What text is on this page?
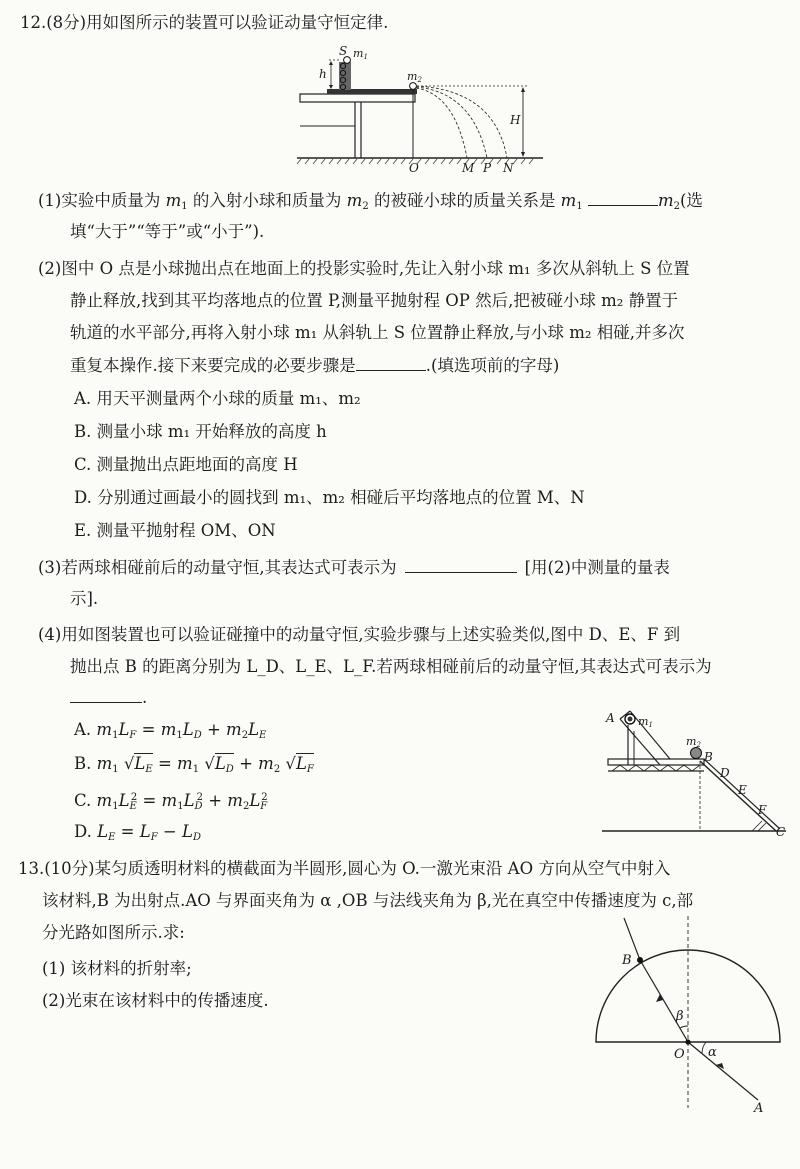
12.(8分)用如图所示的装置可以验证动量守恒定律.
S
h
m1
m2
H
O	M P N
(1)实验中质量为 $m_1$ 的入射小球和质量为 $m_2$ 的被碰小球的质量关系是 $m_1$	$m_2$(选
填“大于”“等于”或“小于”).
(2)图中 O 点是小球抛出点在地面上的投影实验时,先让入射小球 m₁ 多次从斜轨上 S 位置
静止释放,找到其平均落地点的位置 P,测量平抛射程 OP 然后,把被碰小球 m₂ 静置于
轨道的水平部分,再将入射小球 m₁ 从斜轨上 S 位置静止释放,与小球 m₂ 相碰,并多次
重复本操作.接下来要完成的必要步骤是	.(填选项前的字母)
A. 用天平测量两个小球的质量 m₁、m₂
B. 测量小球 m₁ 开始释放的高度 h
C. 测量抛出点距地面的高度 H
D. 分别通过画最小的圆找到 m₁、m₂ 相碰后平均落地点的位置 M、N
E. 测量平抛射程 OM、ON
(3)若两球相碰前后的动量守恒,其表达式可表示为	[用(2)中测量的量表
示].
(4)用如图装置也可以验证碰撞中的动量守恒,实验步骤与上述实验类似,图中 D、E、F 到
抛出点 B 的距离分别为 L_D、L_E、L_F.若两球相碰前后的动量守恒,其表达式可表示为
.
A. $m_1L_F = m_1L_D + m_2L_E$
B. $m_1$ $√L_E = m_1$ $√L_D + m_2$ $√L_F$
C. $m_1L_E^2 = m_1L_D^2 + m_2L_F^2$
D. $L_E = L_F - L_D$
A m1
m2
B
D
E
F
C
13.(10分)某匀质透明材料的横截面为半圆形,圆心为 O.一激光束沿 AO 方向从空气中射入
该材料,B 为出射点.AO 与界面夹角为 α ,OB 与法线夹角为 β,光在真空中传播速度为 c,部
分光路如图所示.求:
(1) 该材料的折射率;
(2)光束在该材料中的传播速度.
B
β
O α
A
